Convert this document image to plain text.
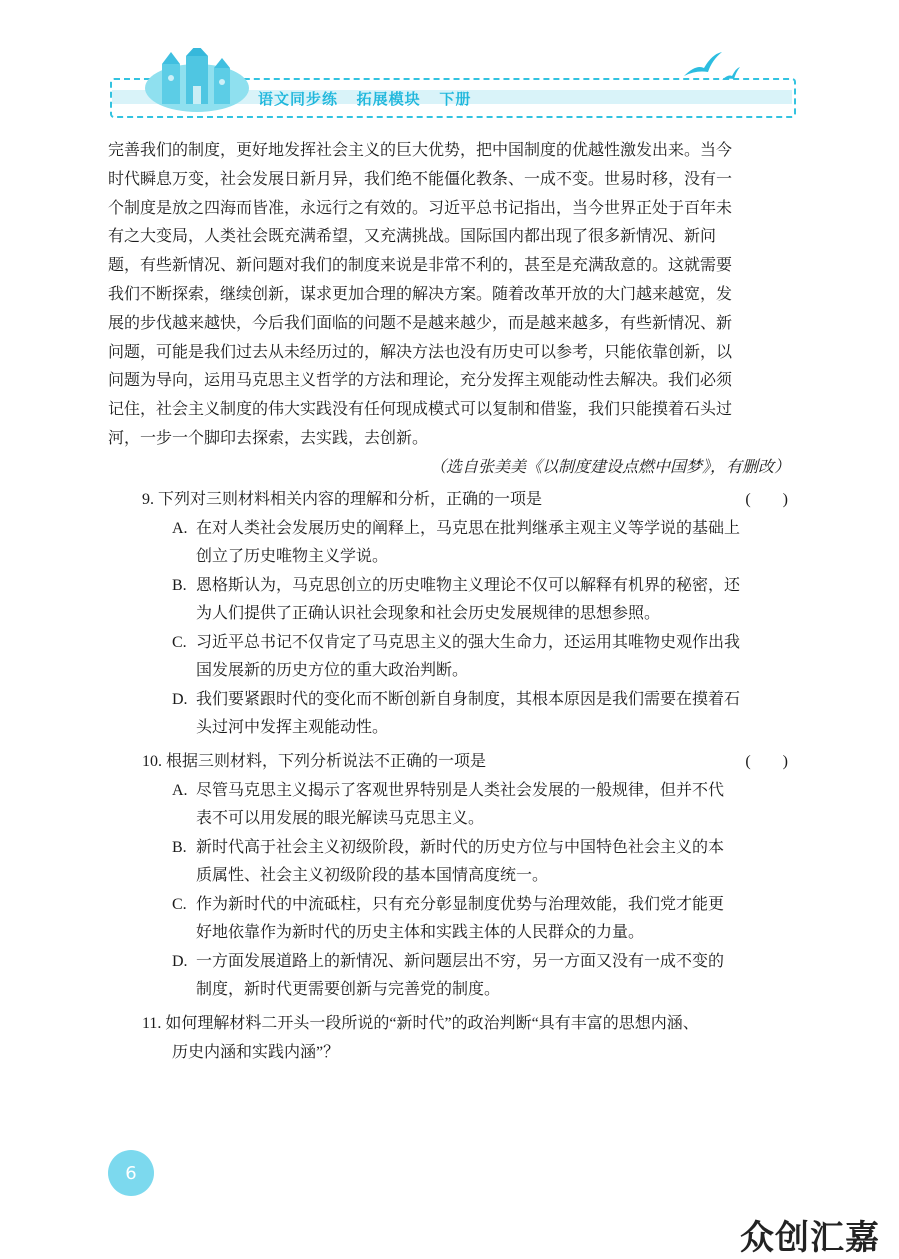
语文同步练   拓展模块   下册
完善我们的制度，更好地发挥社会主义的巨大优势，把中国制度的优越性激发出来。当今
时代瞬息万变，社会发展日新月异，我们绝不能僵化教条、一成不变。世易时移，没有一
个制度是放之四海而皆准，永远行之有效的。习近平总书记指出，当今世界正处于百年未
有之大变局，人类社会既充满希望，又充满挑战。国际国内都出现了很多新情况、新问
题，有些新情况、新问题对我们的制度来说是非常不利的，甚至是充满敌意的。这就需要
我们不断探索，继续创新，谋求更加合理的解决方案。随着改革开放的大门越来越宽，发
展的步伐越来越快，今后我们面临的问题不是越来越少，而是越来越多，有些新情况、新
问题，可能是我们过去从未经历过的，解决方法也没有历史可以参考，只能依靠创新，以
问题为导向，运用马克思主义哲学的方法和理论，充分发挥主观能动性去解决。我们必须
记住，社会主义制度的伟大实践没有任何现成模式可以复制和借鉴，我们只能摸着石头过
河，一步一个脚印去探索，去实践，去创新。
（选自张美美《以制度建设点燃中国梦》，有删改）
9. 下列对三则材料相关内容的理解和分析，正确的一项是	(　　)
A. 在对人类社会发展历史的阐释上，马克思在批判继承主观主义等学说的基础上
创立了历史唯物主义学说。
B. 恩格斯认为，马克思创立的历史唯物主义理论不仅可以解释有机界的秘密，还
为人们提供了正确认识社会现象和社会历史发展规律的思想参照。
C. 习近平总书记不仅肯定了马克思主义的强大生命力，还运用其唯物史观作出我
国发展新的历史方位的重大政治判断。
D. 我们要紧跟时代的变化而不断创新自身制度，其根本原因是我们需要在摸着石
头过河中发挥主观能动性。
10. 根据三则材料，下列分析说法不正确的一项是	(　　)
A. 尽管马克思主义揭示了客观世界特别是人类社会发展的一般规律，但并不代
表不可以用发展的眼光解读马克思主义。
B. 新时代高于社会主义初级阶段，新时代的历史方位与中国特色社会主义的本
质属性、社会主义初级阶段的基本国情高度统一。
C. 作为新时代的中流砥柱，只有充分彰显制度优势与治理效能，我们党才能更
好地依靠作为新时代的历史主体和实践主体的人民群众的力量。
D. 一方面发展道路上的新情况、新问题层出不穷，另一方面又没有一成不变的
制度，新时代更需要创新与完善党的制度。
11. 如何理解材料二开头一段所说的“新时代”的政治判断“具有丰富的思想内涵、
历史内涵和实践内涵”？
6
众创汇嘉
